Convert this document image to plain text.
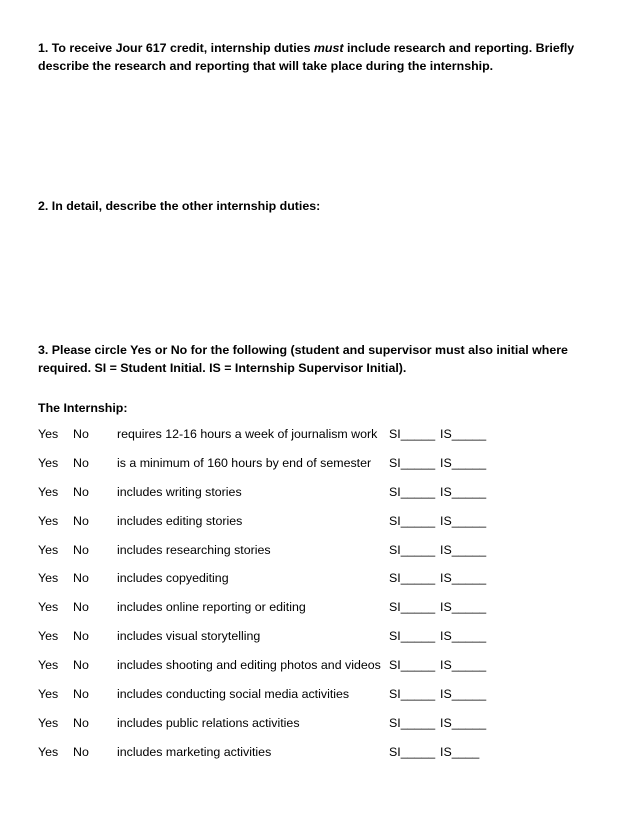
1. To receive Jour 617 credit, internship duties must include research and reporting. Briefly describe the research and reporting that will take place during the internship.
2. In detail, describe the other internship duties:
3. Please circle Yes or No for the following (student and supervisor must also initial where required. SI = Student Initial. IS = Internship Supervisor Initial).
The Internship:
Yes No requires 12-16 hours a week of journalism work SI_____ IS_____
Yes No is a minimum of 160 hours by end of semester SI_____ IS_____
Yes No includes writing stories	SI_____ IS_____
Yes No includes editing stories	SI_____ IS_____
Yes No includes researching stories	SI_____ IS_____
Yes No includes copyediting	SI_____ IS_____
Yes No includes online reporting or editing	SI_____ IS_____
Yes No includes visual storytelling	SI_____ IS_____
Yes No includes shooting and editing photos and videos SI_____ IS_____
Yes No includes conducting social media activities	SI_____ IS_____
Yes No includes public relations activities	SI_____ IS_____
Yes No includes marketing activities	SI_____ IS____
